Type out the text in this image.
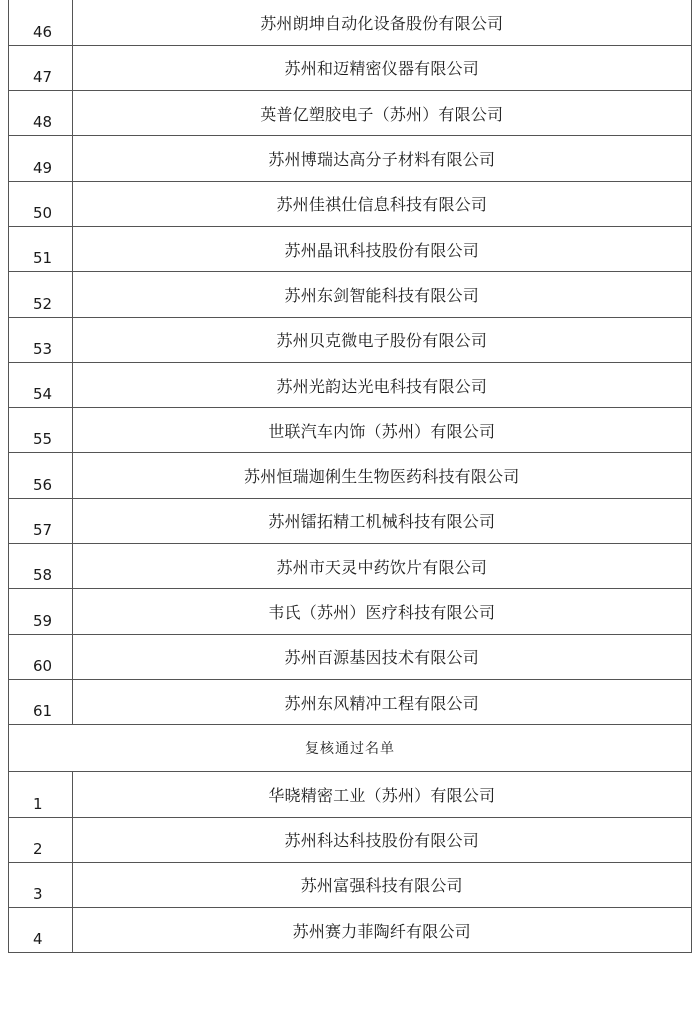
46	苏州朗坤自动化设备股份有限公司
47	苏州和迈精密仪器有限公司
48	英普亿塑胶电子（苏州）有限公司
49	苏州博瑞达高分子材料有限公司
50	苏州佳祺仕信息科技有限公司
51	苏州晶讯科技股份有限公司
52	苏州东剑智能科技有限公司
53	苏州贝克微电子股份有限公司
54	苏州光韵达光电科技有限公司
55	世联汽车内饰（苏州）有限公司
56	苏州恒瑞迦俐生生物医药科技有限公司
57	苏州镭拓精工机械科技有限公司
58	苏州市天灵中药饮片有限公司
59	韦氏（苏州）医疗科技有限公司
60	苏州百源基因技术有限公司
61	苏州东风精冲工程有限公司
复核通过名单	
1	华晓精密工业（苏州）有限公司
2	苏州科达科技股份有限公司
3	苏州富强科技有限公司
4	苏州赛力菲陶纤有限公司
